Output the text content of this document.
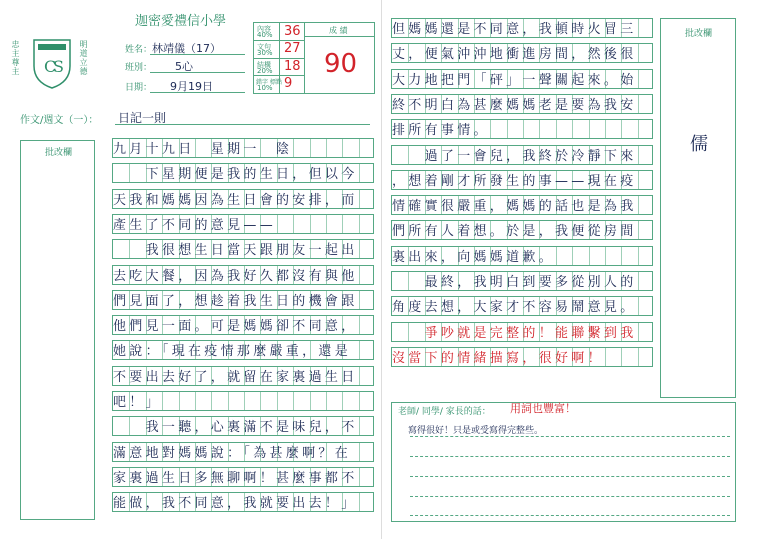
C
S
忠主尊主	明道立德
迦密愛禮信小學
姓名： 林靖儀（17）
班別： 5心
日期： 9月19日
內容
40% 36
文句
30% 27
結構
20% 18
錯字 標點
10% 9
成 績
90
作文/週文（一）： 日記一則
批改欄	九月十九日　星期一　陰
　　下星期便是我的生日，但以今
天我和媽媽因為生日會的安排，而
產生了不同的意見——
　　我很想生日當天跟朋友一起出
去吃大餐，因為我好久都沒有與他
們見面了，想趁着我生日的機會跟
他們見一面。可是媽媽卻不同意，
她說：「現在疫情那麼嚴重，還是
不要出去好了，就留在家裏過生日
吧！」
　　我一聽，心裏滿不是味兒，不
滿意地對媽媽說：「為甚麼啊？在
家裏過生日多無聊啊！甚麼事都不
能做，我不同意，我就要出去！」
但媽媽還是不同意，我頓時火冒三
丈，便氣沖沖地衝進房間，然後很
大力地把門「砰」一聲關起來。始
終不明白為甚麼媽媽老是要為我安
排所有事情。
　　過了一會兒，我終於冷靜下來
，想着剛才所發生的事——現在疫
情確實很嚴重，媽媽的話也是為我
們所有人着想。於是，我便從房間
裏出來，向媽媽道歉。
　　最終，我明白到要多從別人的
角度去想，大家才不容易鬧意見。
　　爭吵就是完整的！能聯繫到我
沒當下的情緒描寫，很好啊！
批改欄
儒
老師/ 同學/ 家長的話： 用詞也豐富！
寫得很好！只是或受寫得完整些。
